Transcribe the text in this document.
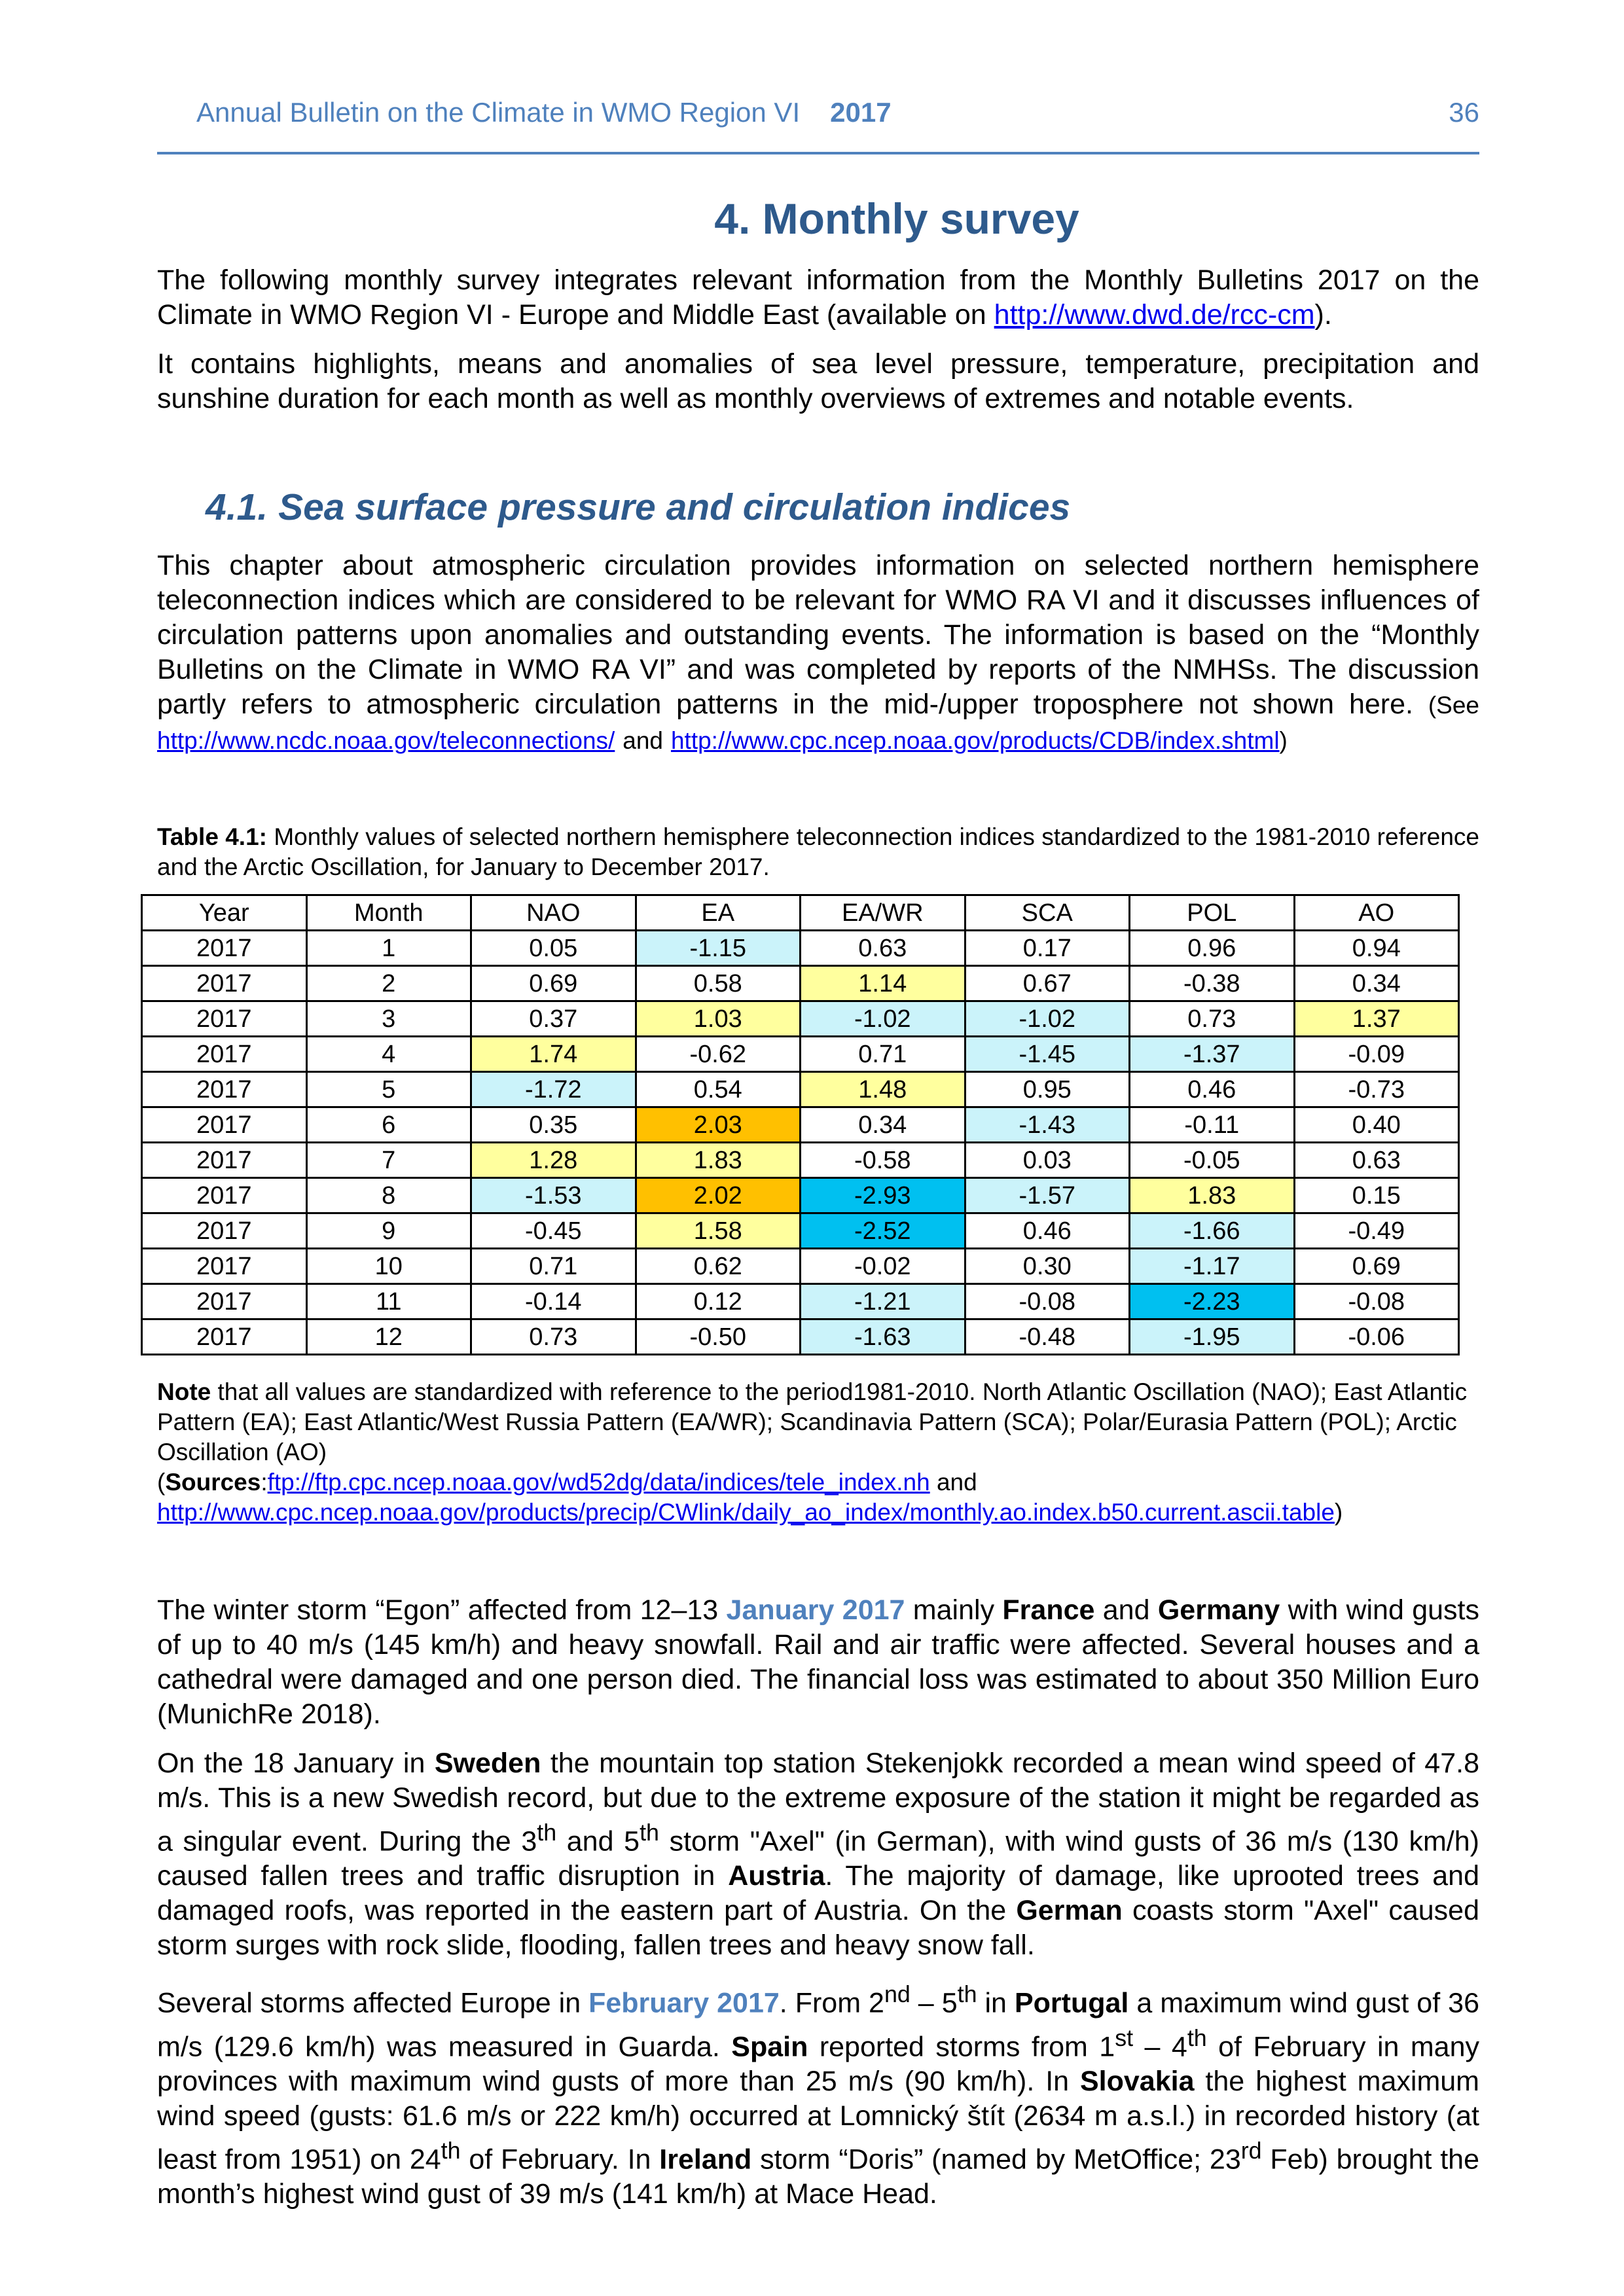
Annual Bulletin on the Climate in WMO Region VI 2017	36
4. Monthly survey

The following monthly survey integrates relevant information from the Monthly Bulletins 2017 on the Climate in WMO Region VI - Europe and Middle East (available on http://www.dwd.de/rcc-cm).

It contains highlights, means and anomalies of sea level pressure, temperature, precipitation and sunshine duration for each month as well as monthly overviews of extremes and notable events.

4.1. Sea surface pressure and circulation indices

This chapter about atmospheric circulation provides information on selected northern hemisphere teleconnection indices which are considered to be relevant for WMO RA VI and it discusses influences of circulation patterns upon anomalies and outstanding events. The information is based on the “Monthly Bulletins on the Climate in WMO RA VI” and was completed by reports of the NMHSs. The discussion partly refers to atmospheric circulation patterns in the mid-/upper troposphere not shown here. (See http://www.ncdc.noaa.gov/teleconnections/ and http://www.cpc.ncep.noaa.gov/products/CDB/index.shtml)

Table 4.1: Monthly values of selected northern hemisphere teleconnection indices standardized to the 1981-2010 reference and the Arctic Oscillation, for January to December 2017.
Year	Month	NAO	EA	EA/WR	SCA	POL	AO
2017	1	0.05	-1.15	0.63	0.17	0.96	0.94
2017	2	0.69	0.58	1.14	0.67	-0.38	0.34
2017	3	0.37	1.03	-1.02	-1.02	0.73	1.37
2017	4	1.74	-0.62	0.71	-1.45	-1.37	-0.09
2017	5	-1.72	0.54	1.48	0.95	0.46	-0.73
2017	6	0.35	2.03	0.34	-1.43	-0.11	0.40
2017	7	1.28	1.83	-0.58	0.03	-0.05	0.63
2017	8	-1.53	2.02	-2.93	-1.57	1.83	0.15
2017	9	-0.45	1.58	-2.52	0.46	-1.66	-0.49
2017	10	0.71	0.62	-0.02	0.30	-1.17	0.69
2017	11	-0.14	0.12	-1.21	-0.08	-2.23	-0.08
2017	12	0.73	-0.50	-1.63	-0.48	-1.95	-0.06

Note that all values are standardized with reference to the period1981-2010. North Atlantic Oscillation (NAO); East Atlantic Pattern (EA); East Atlantic/West Russia Pattern (EA/WR); Scandinavia Pattern (SCA); Polar/Eurasia Pattern (POL); Arctic Oscillation (AO)

(Sources:ftp://ftp.cpc.ncep.noaa.gov/wd52dg/data/indices/tele_index.nh and

http://www.cpc.ncep.noaa.gov/products/precip/CWlink/daily_ao_index/monthly.ao.index.b50.current.ascii.table)

The winter storm “Egon” affected from 12–13 January 2017 mainly France and Germany with wind gusts of up to 40 m/s (145 km/h) and heavy snowfall. Rail and air traffic were affected. Several houses and a cathedral were damaged and one person died. The financial loss was estimated to about 350 Million Euro (MunichRe 2018).

On the 18 January in Sweden the mountain top station Stekenjokk recorded a mean wind speed of 47.8 m/s. This is a new Swedish record, but due to the extreme exposure of the station it might be regarded as a singular event. During the 3th and 5th storm "Axel" (in German), with wind gusts of 36 m/s (130 km/h) caused fallen trees and traffic disruption in Austria. The majority of damage, like uprooted trees and damaged roofs, was reported in the eastern part of Austria. On the German coasts storm "Axel" caused storm surges with rock slide, flooding, fallen trees and heavy snow fall.

Several storms affected Europe in February 2017. From 2nd – 5th in Portugal a maximum wind gust of 36 m/s (129.6 km/h) was measured in Guarda. Spain reported storms from 1st – 4th of February in many provinces with maximum wind gusts of more than 25 m/s (90 km/h). In Slovakia the highest maximum wind speed (gusts: 61.6 m/s or 222 km/h) occurred at Lomnický štít (2634 m a.s.l.) in recorded history (at least from 1951) on 24th of February. In Ireland storm “Doris” (named by MetOffice; 23rd Feb) brought the month’s highest wind gust of 39 m/s (141 km/h) at Mace Head.
